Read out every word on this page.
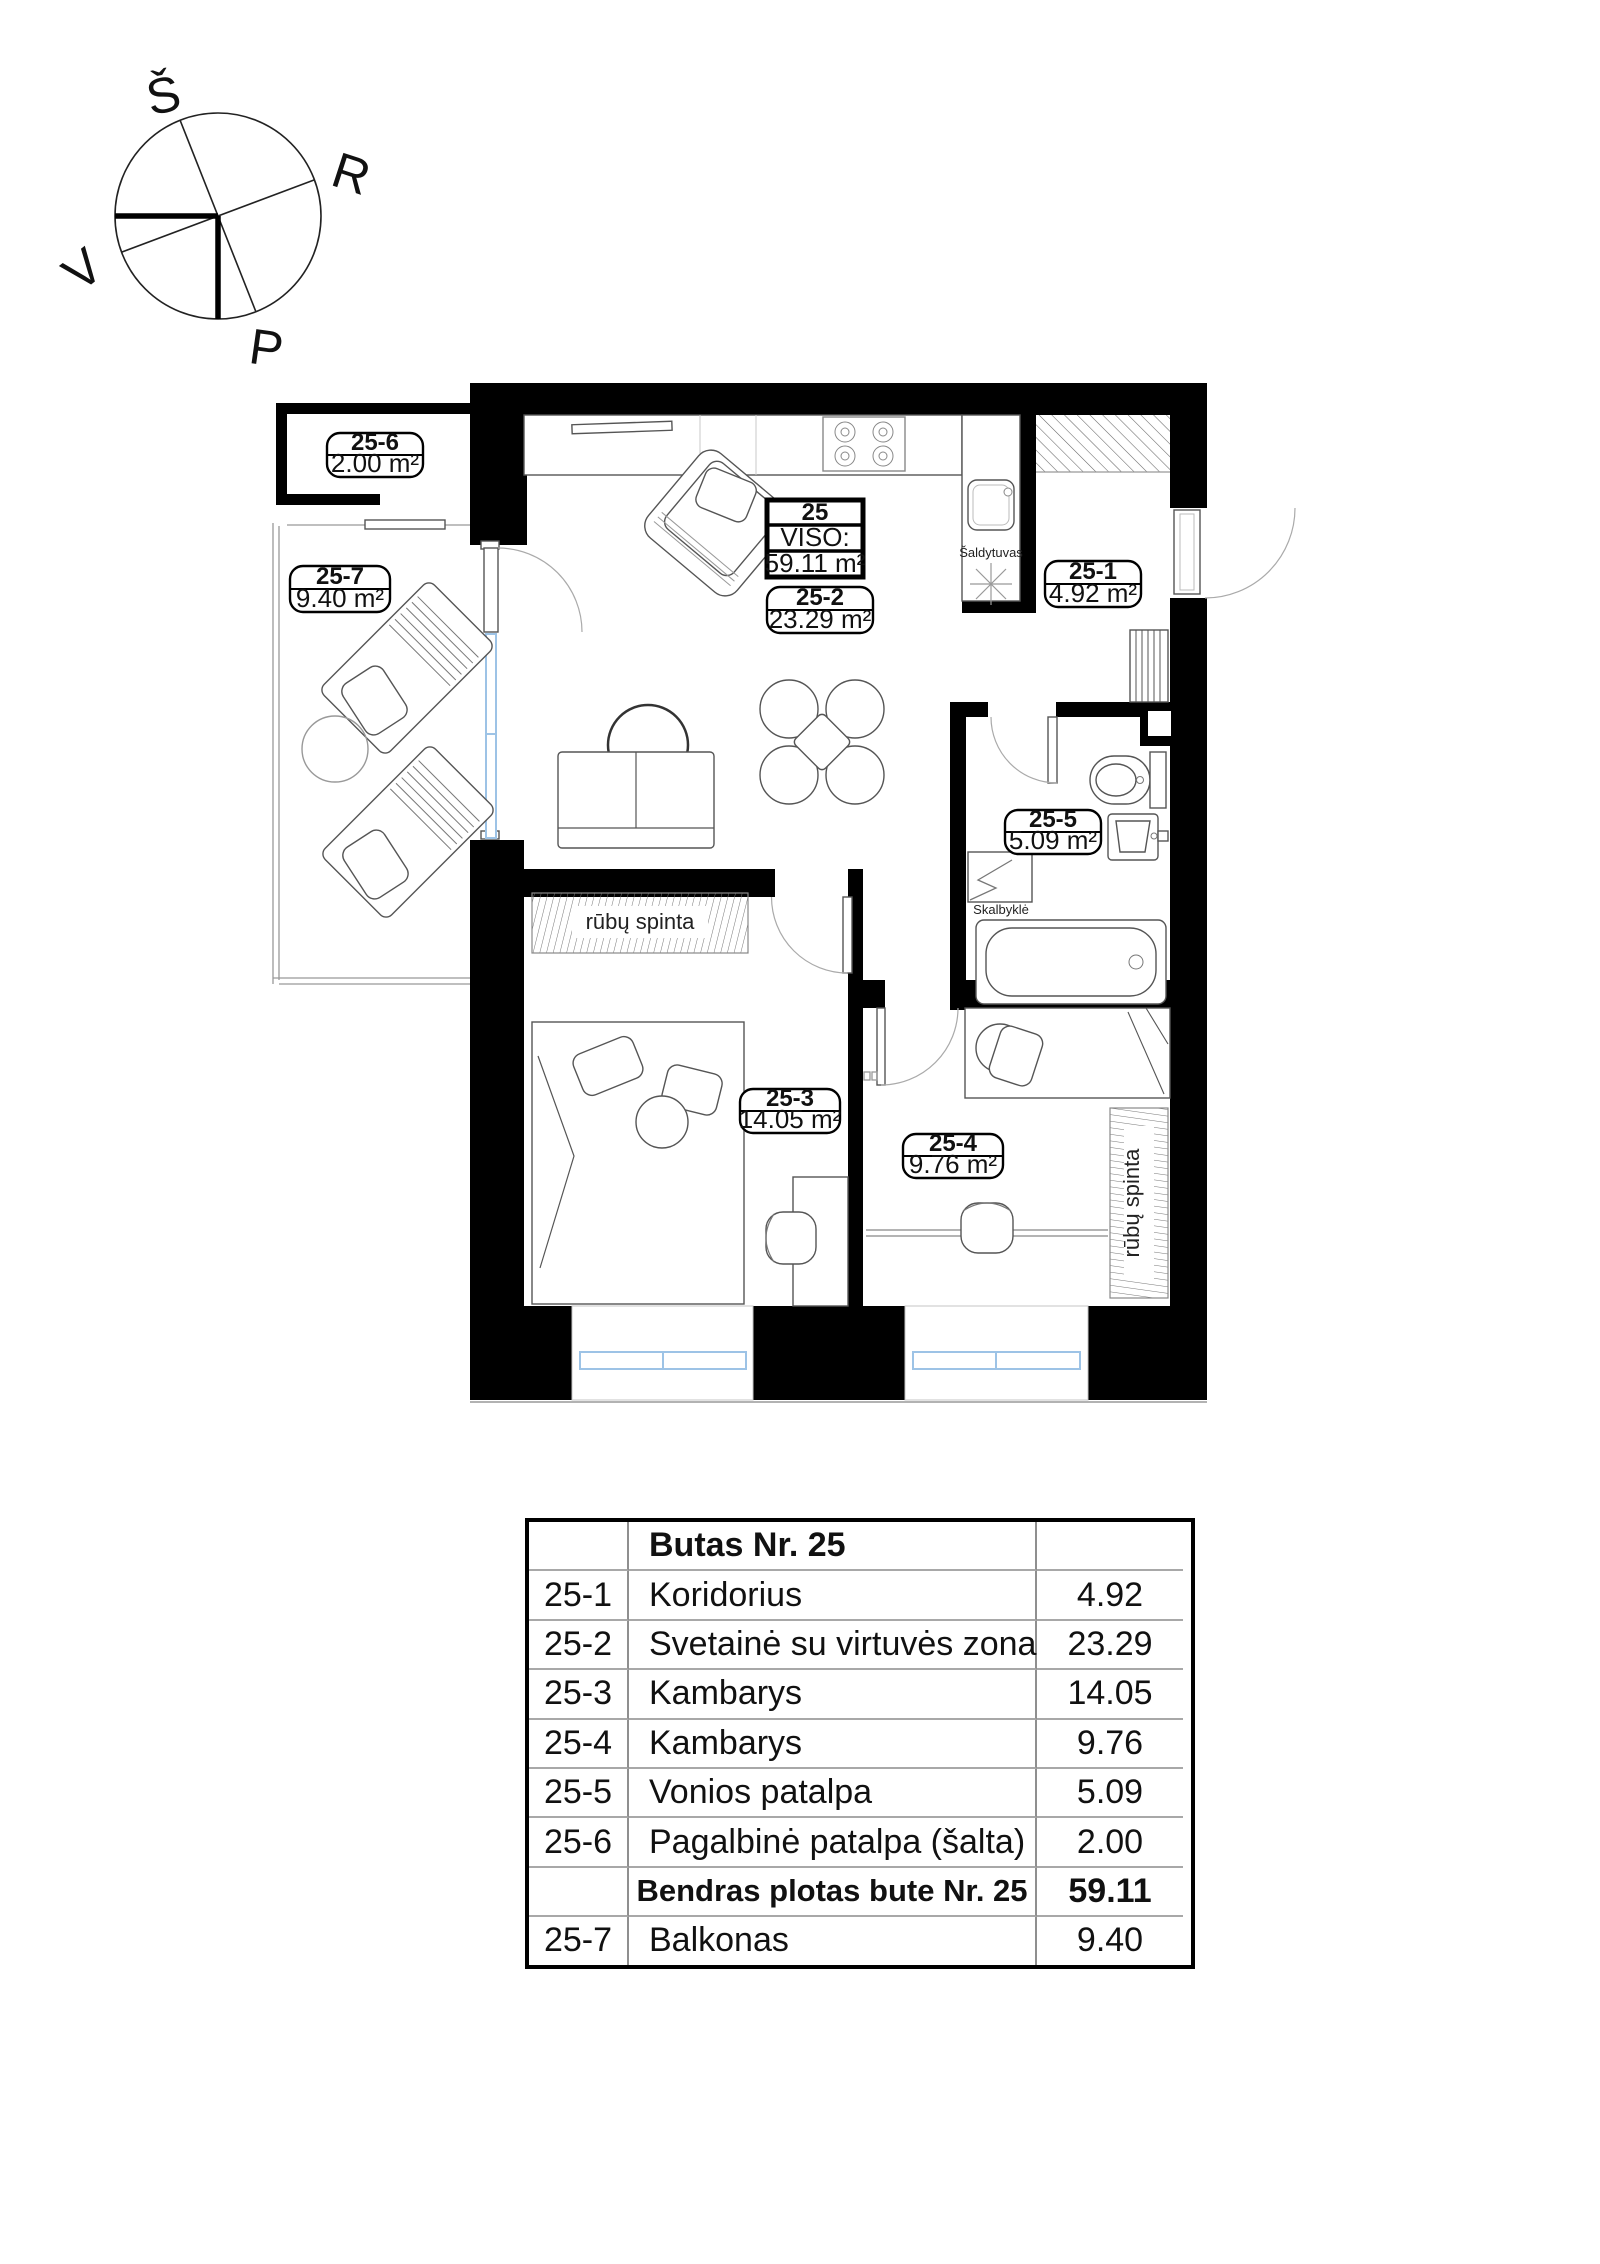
Š
R
V
P
Šaldytuvas
Skalbyklė
rūbų spinta
rūbų spinta
25
VISO:
59.11 m²
25-2
23.29 m²
25-1
4.92 m²
25-5
5.09 m²
25-3
14.05 m²
25-4
9.76 m²
25-6
2.00 m²
25-7
9.40 m²
Butas Nr. 25
25-1	Koridorius	4.92
25-2	Svetainė su virtuvės zona 23.29
25-3	Kambarys	14.05
25-4	Kambarys	9.76
25-5	Vonios patalpa	5.09
25-6	Pagalbinė patalpa (šalta)	2.00
Bendras plotas bute Nr. 25	59.11
25-7	Balkonas	9.40
